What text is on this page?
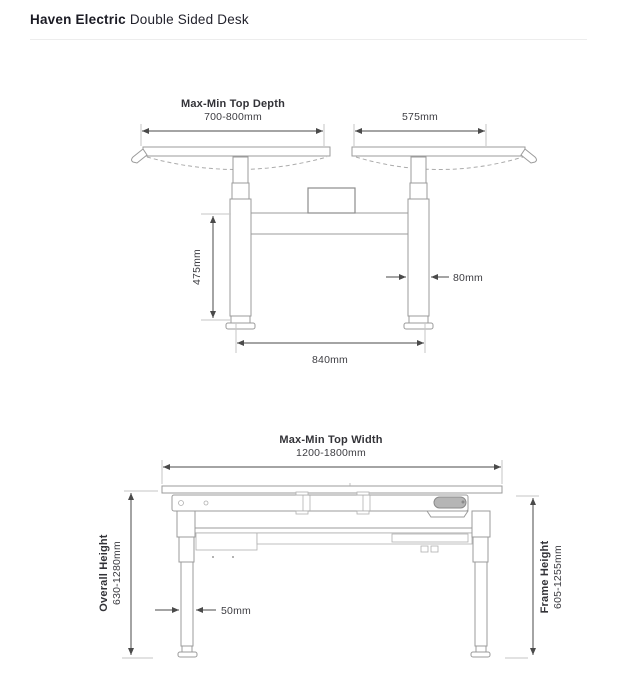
Haven Electric Double Sided Desk
Max-Min Top Depth
700-800mm	575mm
475mm	80mm
840mm
Max-Min Top Width
1200-1800mm
Overall Height 630-1280mm	Frame Height 605-1255mm
50mm
